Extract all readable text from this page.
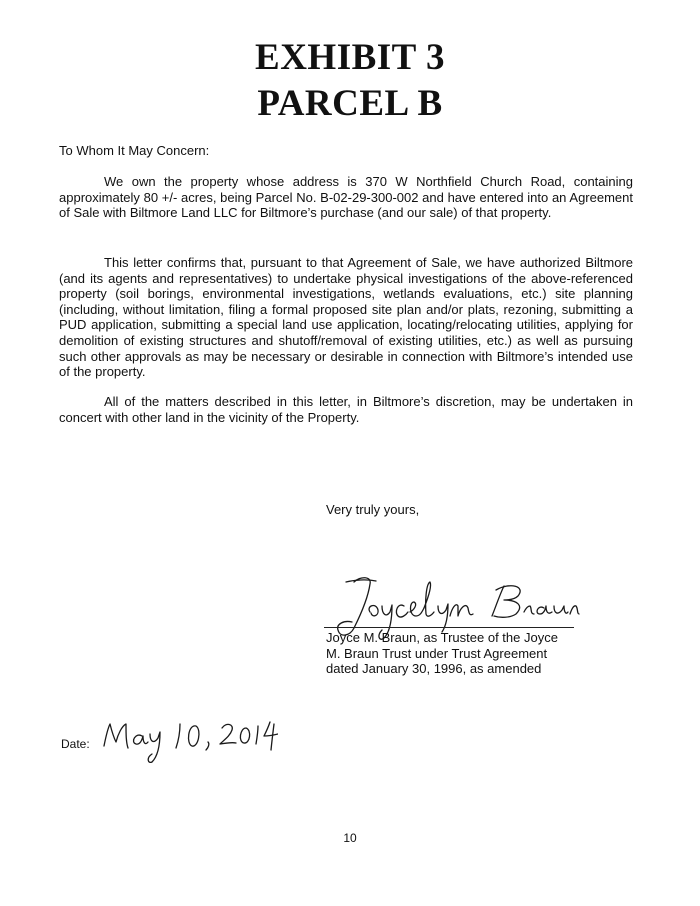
EXHIBIT 3
PARCEL B
To Whom It May Concern:

We own the property whose address is 370 W Northfield Church Road, containing approximately 80 +/- acres, being Parcel No. B-02-29-300-002 and have entered into an Agreement of Sale with Biltmore Land LLC for Biltmore’s purchase (and our sale) of that property.

This letter confirms that, pursuant to that Agreement of Sale, we have authorized Biltmore (and its agents and representatives) to undertake physical investigations of the above-referenced property (soil borings, environmental investigations, wetlands evaluations, etc.) site planning (including, without limitation, filing a formal proposed site plan and/or plats, rezoning, submitting a PUD application, submitting a special land use application, locating/relocating utilities, applying for demolition of existing structures and shutoff/removal of existing utilities, etc.) as well as pursuing such other approvals as may be necessary or desirable in connection with Biltmore’s intended use of the property.

All of the matters described in this letter, in Biltmore’s discretion, may be undertaken in concert with other land in the vicinity of the Property.

Very truly yours,
Joyce M. Braun, as Trustee of the Joyce
M. Braun Trust under Trust Agreement
dated January 30, 1996, as amended
Date:
10
